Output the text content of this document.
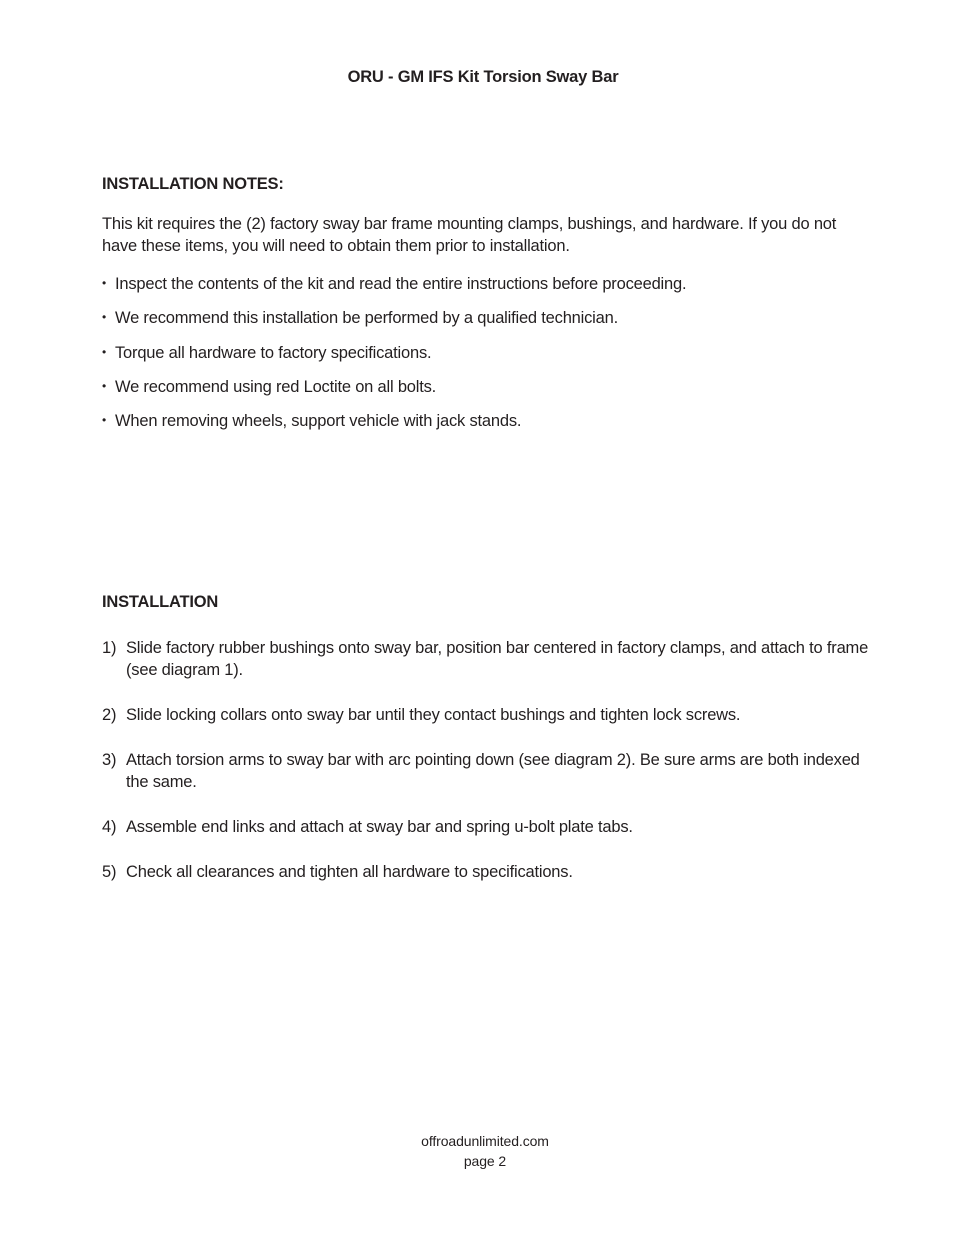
ORU - GM IFS Kit Torsion Sway Bar
INSTALLATION NOTES:
This kit requires the (2) factory sway bar frame mounting clamps, bushings, and hardware. If you do not have these items, you will need to obtain them prior to installation.
• Inspect the contents of the kit and read the entire instructions before proceeding.
• We recommend this installation be performed by a qualified technician.
• Torque all hardware to factory specifications.
• We recommend using red Loctite on all bolts.
• When removing wheels, support vehicle with jack stands.
INSTALLATION
1) Slide factory rubber bushings onto sway bar, position bar centered in factory clamps, and attach to frame (see diagram 1).
2) Slide locking collars onto sway bar until they contact bushings and tighten lock screws.
3) Attach torsion arms to sway bar with arc pointing down (see diagram 2). Be sure arms are both indexed the same.
4) Assemble end links and attach at sway bar and spring u-bolt plate tabs.
5) Check all clearances and tighten all hardware to specifications.
offroadunlimited.com
page 2
